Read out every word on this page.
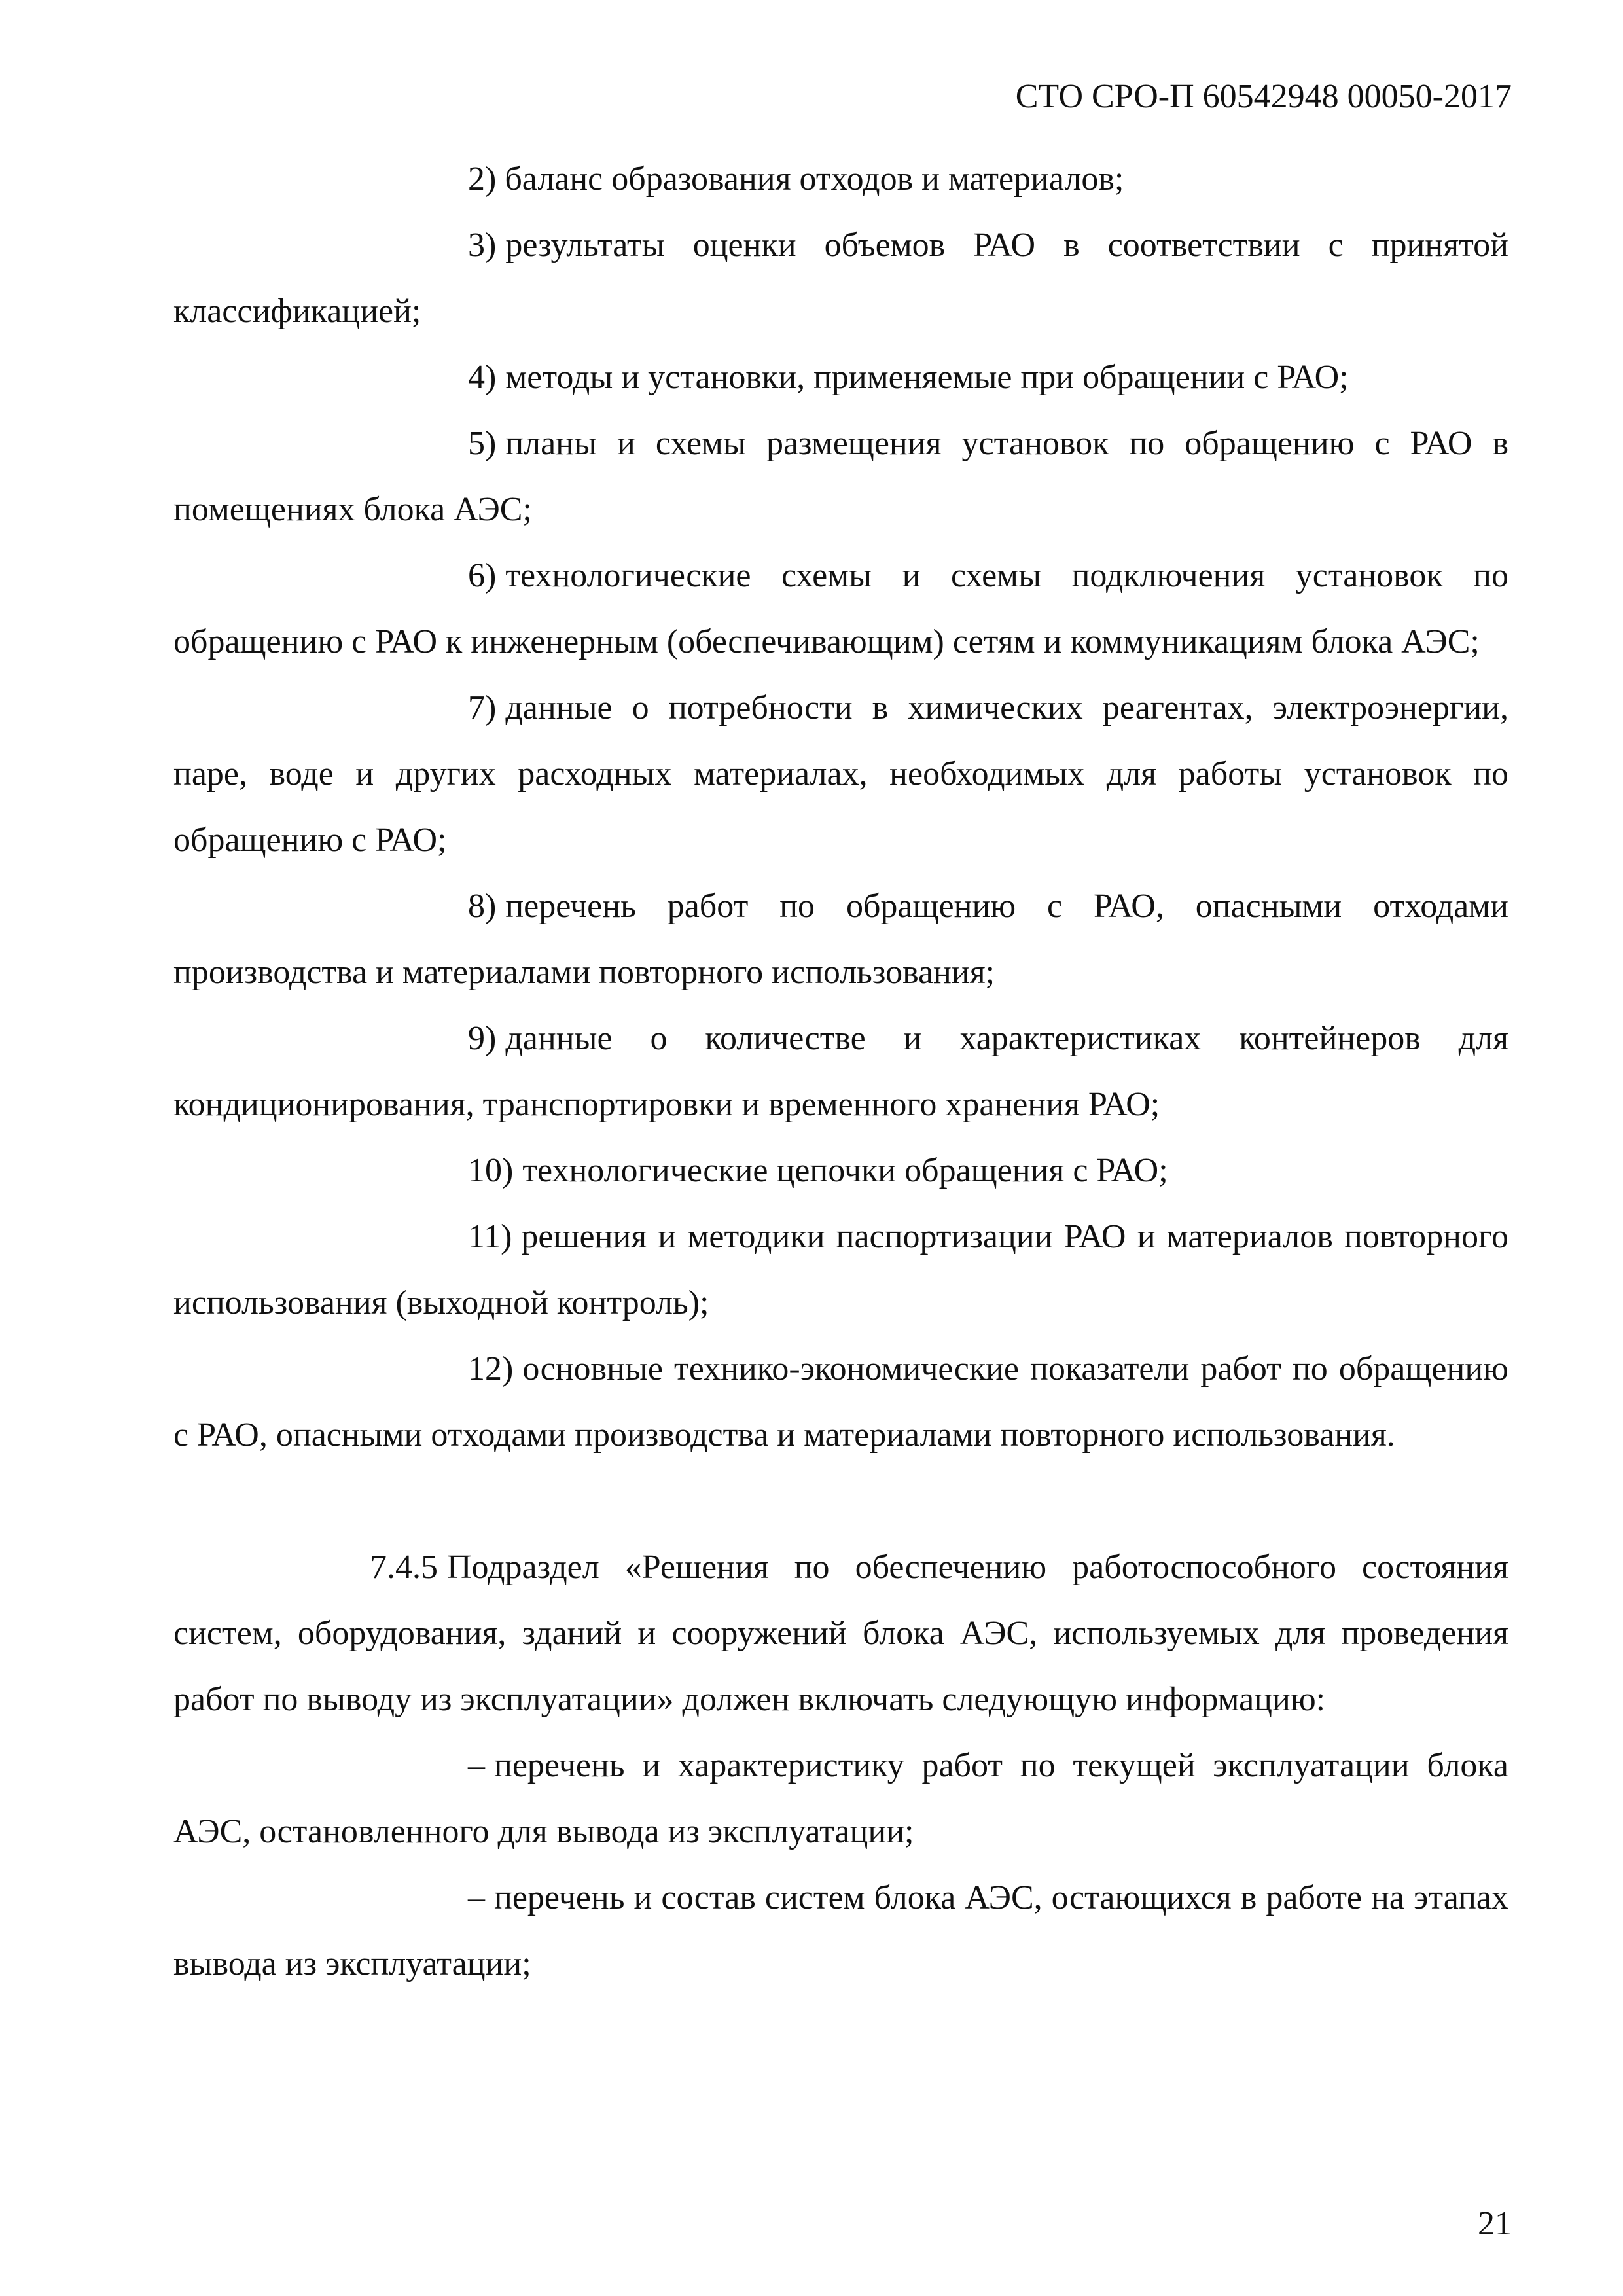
СТО СРО-П 60542948 00050-2017

2) баланс образования отходов и материалов;

3) результаты оценки объемов РАО в соответствии с принятой классификацией;

4) методы и установки, применяемые при обращении с РАО;

5) планы и схемы размещения установок по обращению с РАО в помещениях блока АЭС;

6) технологические схемы и схемы подключения установок по обращению с РАО к инженерным (обеспечивающим) сетям и коммуникациям блока АЭС;

7) данные о потребности в химических реагентах, электроэнергии, паре, воде и других расходных материалах, необходимых для работы установок по обращению с РАО;

8) перечень работ по обращению с РАО, опасными отходами производства и материалами повторного использования;

9) данные о количестве и характеристиках контейнеров для кондиционирования, транспортировки и временного хранения РАО;

10) технологические цепочки обращения с РАО;

11) решения и методики паспортизации РАО и материалов повторного использования (выходной контроль);

12) основные технико-экономические показатели работ по обращению с РАО, опасными отходами производства и материалами повторного использования.

7.4.5 Подраздел «Решения по обеспечению работоспособного состояния систем, оборудования, зданий и сооружений блока АЭС, используемых для проведения работ по выводу из эксплуатации» должен включать следующую информацию:

– перечень и характеристику работ по текущей эксплуатации блока АЭС, остановленного для вывода из эксплуатации;

– перечень и состав систем блока АЭС, остающихся в работе на этапах вывода из эксплуатации;

21
